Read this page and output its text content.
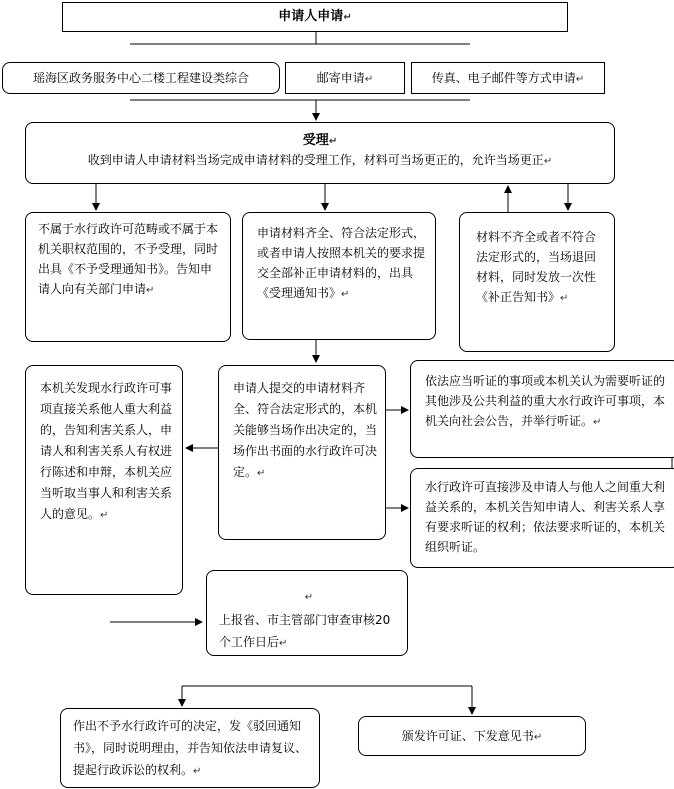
申请人申请↵
瑶海区政务服务中心二楼工程建设类综合	邮寄申请↵	传真、电子邮件等方式申请↵
受理↵
收到申请人申请材料当场完成申请材料的受理工作，材料可当场更正的，允许当场更正↵
不属于水行政许可范畴或不属于本机关职权范围的，不予受理，同时出具《不予受理通知书》。告知申请人向有关部门申请↵
申请材料齐全、符合法定形式，或者申请人按照本机关的要求提交全部补正申请材料的，出具《受理通知书》↵
材料不齐全或者不符合法定形式的，当场退回材料，同时发放一次性《补正告知书》↵
本机关发现水行政许可事项直接关系他人重大利益的，告知利害关系人，申请人和利害关系人有权进行陈述和申辩，本机关应当听取当事人和利害关系人的意见。↵
申请人提交的申请材料齐全、符合法定形式的，本机关能够当场作出决定的，当场作出书面的水行政许可决定。↵
依法应当听证的事项或本机关认为需要听证的其他涉及公共利益的重大水行政许可事项，本机关向社会公告，并举行听证。↵
水行政许可直接涉及申请人与他人之间重大利益关系的，本机关告知申请人、利害关系人享有要求听证的权利；依法要求听证的，本机关组织听证。
↵
上报省、市主管部门审查审核20个工作日后↵
作出不予水行政许可的决定，发《驳回通知书》，同时说明理由，并告知依法申请复议、提起行政诉讼的权利。↵
颁发许可证、下发意见书↵
